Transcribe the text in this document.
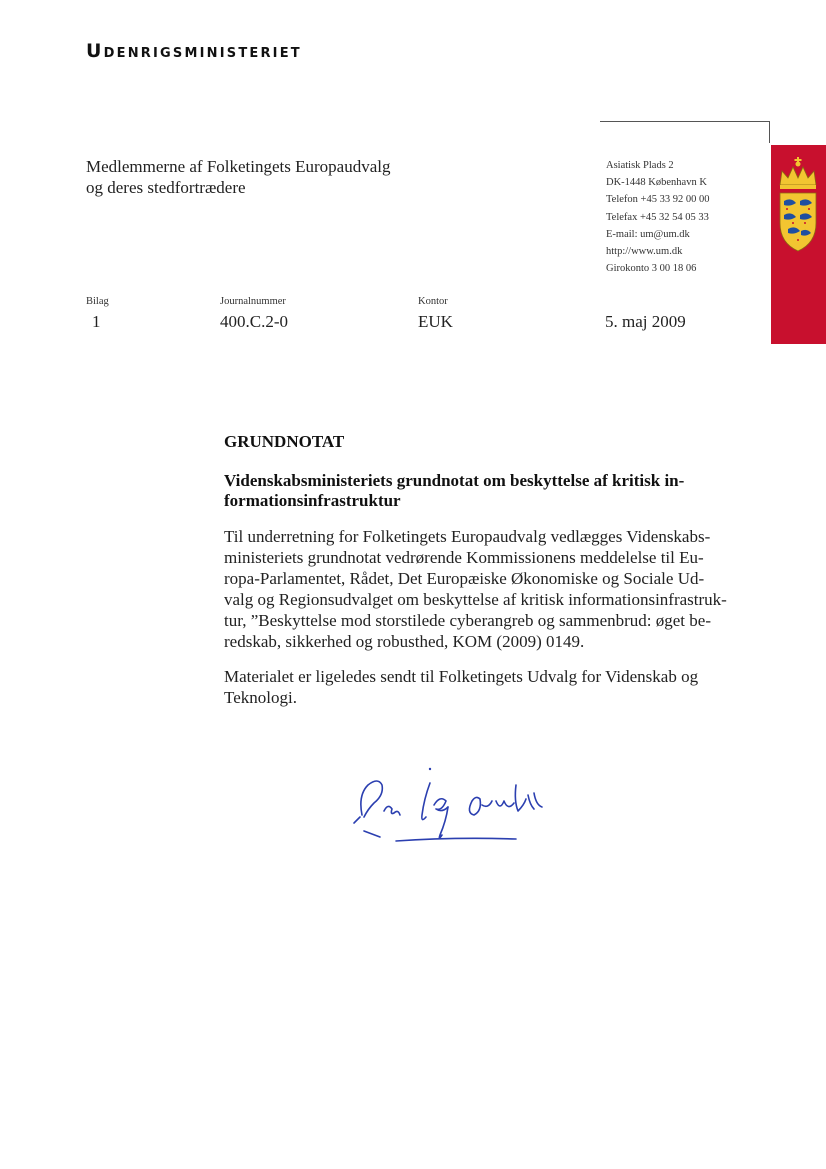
Udenrigsministeriet
Medlemmerne af Folketingets Europaudvalg
og deres stedfortrædere
Asiatisk Plads 2
DK-1448 København K
Telefon +45 33 92 00 00
Telefax +45 32 54 05 33
E-mail: um@um.dk
http://www.um.dk
Girokonto 3 00 18 06
Bilag
1
Journalnummer
400.C.2-0
Kontor
EUK	5. maj 2009
GRUNDNOTAT
Videnskabsministeriets grundnotat om beskyttelse af kritisk in-
formationsinfrastruktur
Til underretning for Folketingets Europaudvalg vedlægges Videnskabs-
ministeriets grundnotat vedrørende Kommissionens meddelelse til Eu-
ropa-Parlamentet, Rådet, Det Europæiske Økonomiske og Sociale Ud-
valg og Regionsudvalget om beskyttelse af kritisk informationsinfrastruk-
tur, ”Beskyttelse mod storstilede cyberangreb og sammenbrud: øget be-
redskab, sikkerhed og robusthed, KOM (2009) 0149.
Materialet er ligeledes sendt til Folketingets Udvalg for Videnskab og
Teknologi.
